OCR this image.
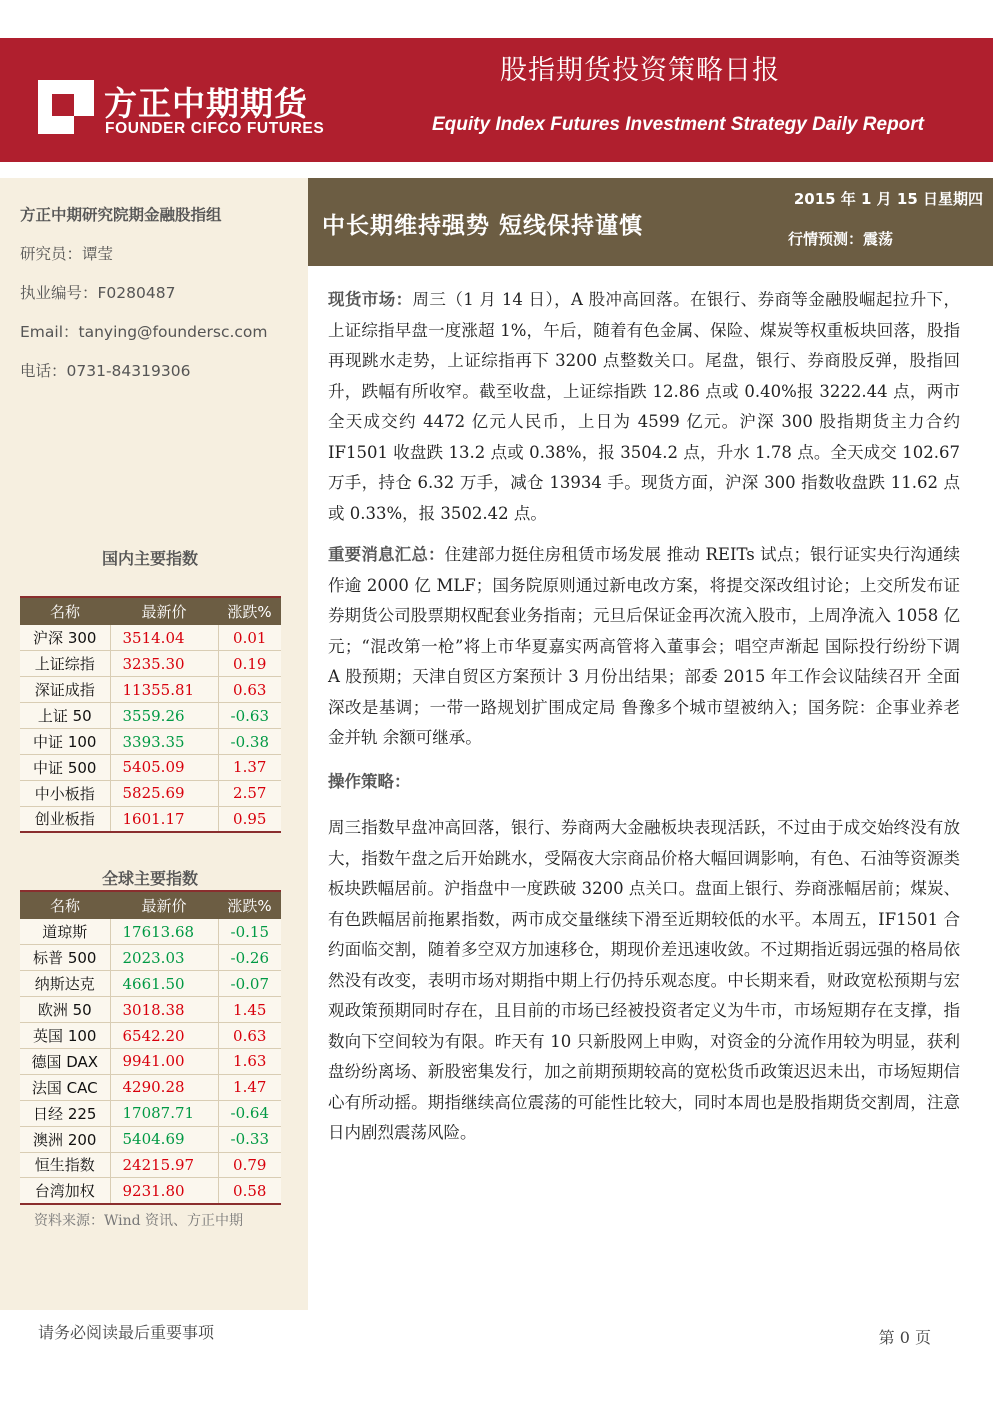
方正中期期货
FOUNDER CIFCO FUTURES
股指期货投资策略日报
Equity Index Futures Investment Strategy Daily Report
方正中期研究院期金融股指组
研究员：谭莹
执业编号：F0280487
Email：tanying@foundersc.com
电话：0731-84319306
中长期维持强势 短线保持谨慎
2015 年 1 月 15 日星期四
行情预测：震荡
国内主要指数
名称	最新价	涨跌%
沪深 300	3514.04	0.01
上证综指	3235.30	0.19
深证成指	11355.81	0.63
上证 50	3559.26	-0.63
中证 100	3393.35	-0.38
中证 500	5405.09	1.37
中小板指	5825.69	2.57
创业板指	1601.17	0.95
全球主要指数
名称	最新价	涨跌%
道琼斯	17613.68	-0.15
标普 500	2023.03	-0.26
纳斯达克	4661.50	-0.07
欧洲 50	3018.38	1.45
英国 100	6542.20	0.63
德国 DAX	9941.00	1.63
法国 CAC	4290.28	1.47
日经 225	17087.71	-0.64
澳洲 200	5404.69	-0.33
恒生指数	24215.97	0.79
台湾加权	9231.80	0.58
资料来源：Wind 资讯、方正中期
现货市场：周三（1 月 14 日），A 股冲高回落。在银行、券商等金融股崛起拉升下，上证综指早盘一度涨超 1%，午后，随着有色金属、保险、煤炭等权重板块回落，股指再现跳水走势，上证综指再下 3200 点整数关口。尾盘，银行、券商股反弹，股指回升，跌幅有所收窄。截至收盘，上证综指跌 12.86 点或 0.40%报 3222.44 点，两市全天成交约 4472 亿元人民币，上日为 4599 亿元。沪深 300 股指期货主力合约 IF1501 收盘跌 13.2 点或 0.38%，报 3504.2 点，升水 1.78 点。全天成交 102.67 万手，持仓 6.32 万手，减仓 13934 手。现货方面，沪深 300 指数收盘跌 11.62 点或 0.33%，报 3502.42 点。
重要消息汇总：住建部力挺住房租赁市场发展 推动 REITs 试点；银行证实央行沟通续作逾 2000 亿 MLF；国务院原则通过新电改方案，将提交深改组讨论；上交所发布证券期货公司股票期权配套业务指南；元旦后保证金再次流入股市，上周净流入 1058 亿元；“混改第一枪”将上市华夏嘉实两高管将入董事会；唱空声渐起 国际投行纷纷下调 A 股预期；天津自贸区方案预计 3 月份出结果；部委 2015 年工作会议陆续召开 全面深改是基调；一带一路规划扩围成定局 鲁豫多个城市望被纳入；国务院：企事业养老金并轨 余额可继承。
操作策略：
周三指数早盘冲高回落，银行、券商两大金融板块表现活跃，不过由于成交始终没有放大，指数午盘之后开始跳水，受隔夜大宗商品价格大幅回调影响，有色、石油等资源类板块跌幅居前。沪指盘中一度跌破 3200 点关口。盘面上银行、券商涨幅居前；煤炭、有色跌幅居前拖累指数，两市成交量继续下滑至近期较低的水平。本周五，IF1501 合约面临交割，随着多空双方加速移仓，期现价差迅速收敛。不过期指近弱远强的格局依然没有改变，表明市场对期指中期上行仍持乐观态度。中长期来看，财政宽松预期与宏观政策预期同时存在，且目前的市场已经被投资者定义为牛市，市场短期存在支撑，指数向下空间较为有限。昨天有 10 只新股网上申购，对资金的分流作用较为明显，获利盘纷纷离场、新股密集发行，加之前期预期较高的宽松货币政策迟迟未出，市场短期信心有所动摇。期指继续高位震荡的可能性比较大，同时本周也是股指期货交割周，注意日内剧烈震荡风险。
请务必阅读最后重要事项	第 0 页
